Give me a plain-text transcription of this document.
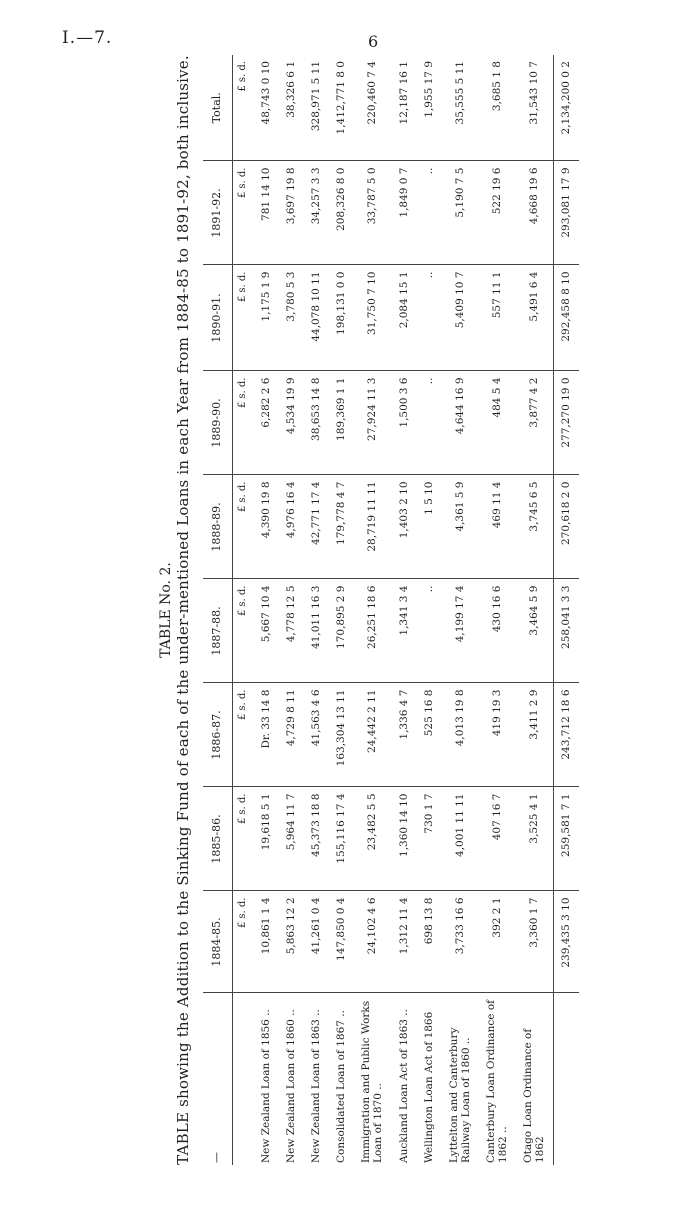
I.—7.	6
TABLE No. 2. TABLE showing the Addition to the Sinking Fund of each of the under-mentioned Loans in each Year from 1884-85 to 1891-92, both inclusive. —	1884-85.	1885-86.	1886-87.	1887-88.	1888-89.	1889-90.	1890-91.	1891-92.	Total.
	£ s. d.	£ s. d.	£ s. d.	£ s. d.	£ s. d.	£ s. d.	£ s. d.	£ s. d.	£ s. d.
New Zealand Loan of 1856 ..	10,861 1 4	19,618 5 1	Dr. 33 14 8	5,667 10 4	4,390 19 8	6,282 2 6	1,175 1 9	781 14 10	48,743 0 10
New Zealand Loan of 1860 ..	5,863 12 2	5,964 11 7	4,729 8 11	4,778 12 5	4,976 16 4	4,534 19 9	3,780 5 3	3,697 19 8	38,326 6 1
New Zealand Loan of 1863 ..	41,261 0 4	45,373 18 8	41,563 4 6	41,011 16 3	42,771 17 4	38,653 14 8	44,078 10 11	34,257 3 3	328,971 5 11
Consolidated Loan of 1867 ..	147,850 0 4	155,116 17 4	163,304 13 11	170,895 2 9	179,778 4 7	189,369 1 1	198,131 0 0	208,326 8 0	1,412,771 8 0
Immigration and Public Works Loan of 1870 ..	24,102 4 6	23,482 5 5	24,442 2 11	26,251 18 6	28,719 11 11	27,924 11 3	31,750 7 10	33,787 5 0	220,460 7 4
Auckland Loan Act of 1863 ..	1,312 11 4	1,360 14 10	1,336 4 7	1,341 3 4	1,403 2 10	1,500 3 6	2,084 15 1	1,849 0 7	12,187 16 1
Wellington Loan Act of 1866	698 13 8	730 1 7	525 16 8	..	1 5 10	..	..	..	1,955 17 9
Lyttelton and Canterbury Railway Loan of 1860 ..	3,733 16 6	4,001 11 11	4,013 19 8	4,199 17 4	4,361 5 9	4,644 16 9	5,409 10 7	5,190 7 5	35,555 5 11
Canterbury Loan Ordinance of 1862 ..	392 2 1	407 16 7	419 19 3	430 16 6	469 11 4	484 5 4	557 11 1	522 19 6	3,685 1 8
Otago Loan Ordinance of 1862	3,360 1 7	3,525 4 1	3,411 2 9	3,464 5 9	3,745 6 5	3,877 4 2	5,491 6 4	4,668 19 6	31,543 10 7
	239,435 3 10	259,581 7 1	243,712 18 6	258,041 3 3	270,618 2 0	277,270 19 0	292,458 8 10	293,081 17 9	2,134,200 0 2
